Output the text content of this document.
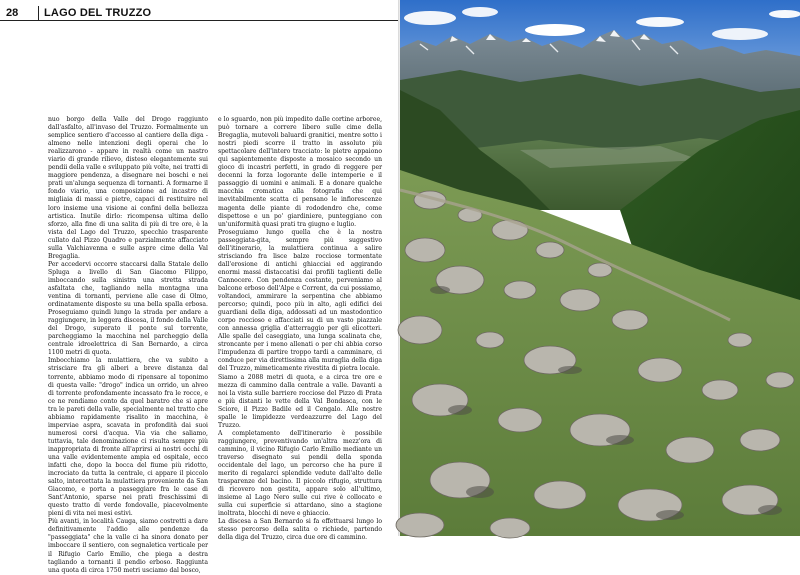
28 LAGO DEL TRUZZO

nuo borgo della Valle del Drogo raggiunto dall'asfalto, all'invaso del Truzzo. Formalmente un semplice sentiero d'accesso al cantiere della diga - almeno nelle intenzioni degli operai che lo realizzarono - appare in realtà come un nastro viario di grande rilievo, disteso elegantemente sui pendii della valle e sviluppato più volte, nei tratti di maggiore pendenza, a disegnare nei boschi e nei prati un'alunga sequenza di tornanti. A formarne il fondo viario, una composizione ad incastro di migliaia di massi e pietre, capaci di restituire nel loro insieme una visione ai confini della bellezza artistica. Inutile dirlo: ricompensa ultima dello sforzo, alla fine di una salita di più di tre ore, è la vista del Lago del Truzzo, specchio trasparente cullato dal Pizzo Quadro e parzialmente affacciato sulla Valchiavenna e sulle aspre cime della Val Bregaglia.

Per accedervi occorre staccarsi dalla Statale dello Spluga a livello di San Giacomo Filippo, imboccando sulla sinistra una stretta strada asfaltata che, tagliando nella montagna una ventina di tornanti, perviene alle case di Olmo, ordinatamente disposte su una bella spalla erbosa. Proseguiamo quindi lungo la strada per andare a raggiungere, in leggera discesa, il fondo della Valle del Drogo, superato il ponte sul torrente, parcheggiamo la macchina nel parcheggio della centrale idroelettrica di San Bernardo, a circa 1100 metri di quota.

Imbocchiamo la mulattiera, che va subito a strisciare fra gli alberi a breve distanza dal torrente, abbiamo modo di ripensare al toponimo di questa valle: "drogo" indica un orrido, un alveo di torrente profondamente incassato fra le rocce, e ce ne rendiamo conto da quel baratro che si apre tra le pareti della valle, specialmente nel tratto che abbiamo rapidamente risalito in macchina, è imperviae aspra, scavata in profondità dai suoi numerosi corsi d'acqua. Via via che saliamo, tuttavia, tale denominazione ci risulta sempre più inappropriata di fronte all'aprirsi ai nostri occhi di una valle evidentemente ampia ed ospitale, ecco infatti che, dopo la bocca del fiume più ridotto, incrociato da tutta la centrale, ci appare il piccolo salto, intercettata la mulattiera proveniente da San Giacomo, e porta a passeggiare fra le case di Sant'Antonio, sparse nei prati freschissimi di questo tratto di verde fondovalle, piacevolmente pieni di vita nei mesi estivi.

Più avanti, in località Cauga, siamo costretti a dare definitivamente l'addio alle pendenze da "passeggiata" che la valle ci ha sinora donato per imboccare il sentiero, con segnaletica verticale per il Rifugio Carlo Emilio, che piega a destra tagliando a tornanti il pendio erboso. Raggiunta una quota di circa 1750 metri usciamo dal bosco,

e lo sguardo, non più impedito dalle cortine arboree, può tornare a correre libero sulle cime della Bregaglia, mutevoli baluardi granitici, mentre sotto i nostri piedi scorre il tratto in assoluto più spettacolare dell'intero tracciato: le pietre appaiono qui sapientemente disposte a mosaico secondo un gioco di incastri perfetti, in grado di reggere per decenni la forza logorante delle intemperie e il passaggio di uomini e animali. E a donare qualche macchia cromatica alla fotografia che qui inevitabilmente scatta ci pensano le infiorescenze magenta delle piante di rododendro che, come dispettose e un po' giardiniere, punteggiano con un'uniformità quasi prati tra giugno e luglio.

Proseguiamo lungo quella che è la nostra passeggiata-gita, sempre più suggestivo dell'itinerario, la mulattiera continua a salire strisciando fra lisce balze rocciose tormentate dall'erosione di antichi ghiacciai ed aggirando enormi massi distaccatisi dai profili taglienti delle Cannocere. Con pendenza costante, perveniamo al balcone erboso dell'Alpe e Corrent, da cui possiamo, voltandoci, ammirare la serpentina che abbiamo percorso; quindi, poco più in alto, agli edifici dei guardiani della diga, addossati ad un mastodontico corpo roccioso e affacciati su di un vasto piazzale con annessa griglia d'atterraggio per gli elicotteri. Alle spalle del caseggiato, una lunga scalinata che, stroncante per i meno allenati o per chi abbia corso l'impudenza di partire troppo tardi a camminare, ci conduce per via direttissima alla muraglia della diga del Truzzo, mimeticamente rivestita di pietra locale.

Siamo a 2088 metri di quota, e a circa tre ore e mezza di cammino dalla centrale a valle. Davanti a noi la vista sulle barriere rocciose del Pizzo di Prata e più distanti le vette della Val Bondasca, con le Sciore, il Pizzo Badile ed il Cengalo. Alle nostre spalle le limpidezze verdeazzurre del Lago del Truzzo.

A completamento dell'itinerario è possibile raggiungere, preventivando un'altra mezz'ora di cammino, il vicino Rifugio Carlo Emilio mediante un traverso disegnato sui pendii della sponda occidentale del lago, un percorso che ha pure il merito di regalarci splendide vedute dall'alto delle trasparenze del bacino. Il piccolo rifugio, struttura di ricovero non gestita, appare solo all'ultimo, insieme al Lago Nero sulle cui rive è collocato e sulla cui superficie si attardano, sino a stagione inoltrata, blocchi di neve e ghiaccio.

La discesa a San Bernardo si fa effettuarsi lungo lo stesso percorso della salita o richiede, partendo della diga del Truzzo, circa due ore di cammino.
